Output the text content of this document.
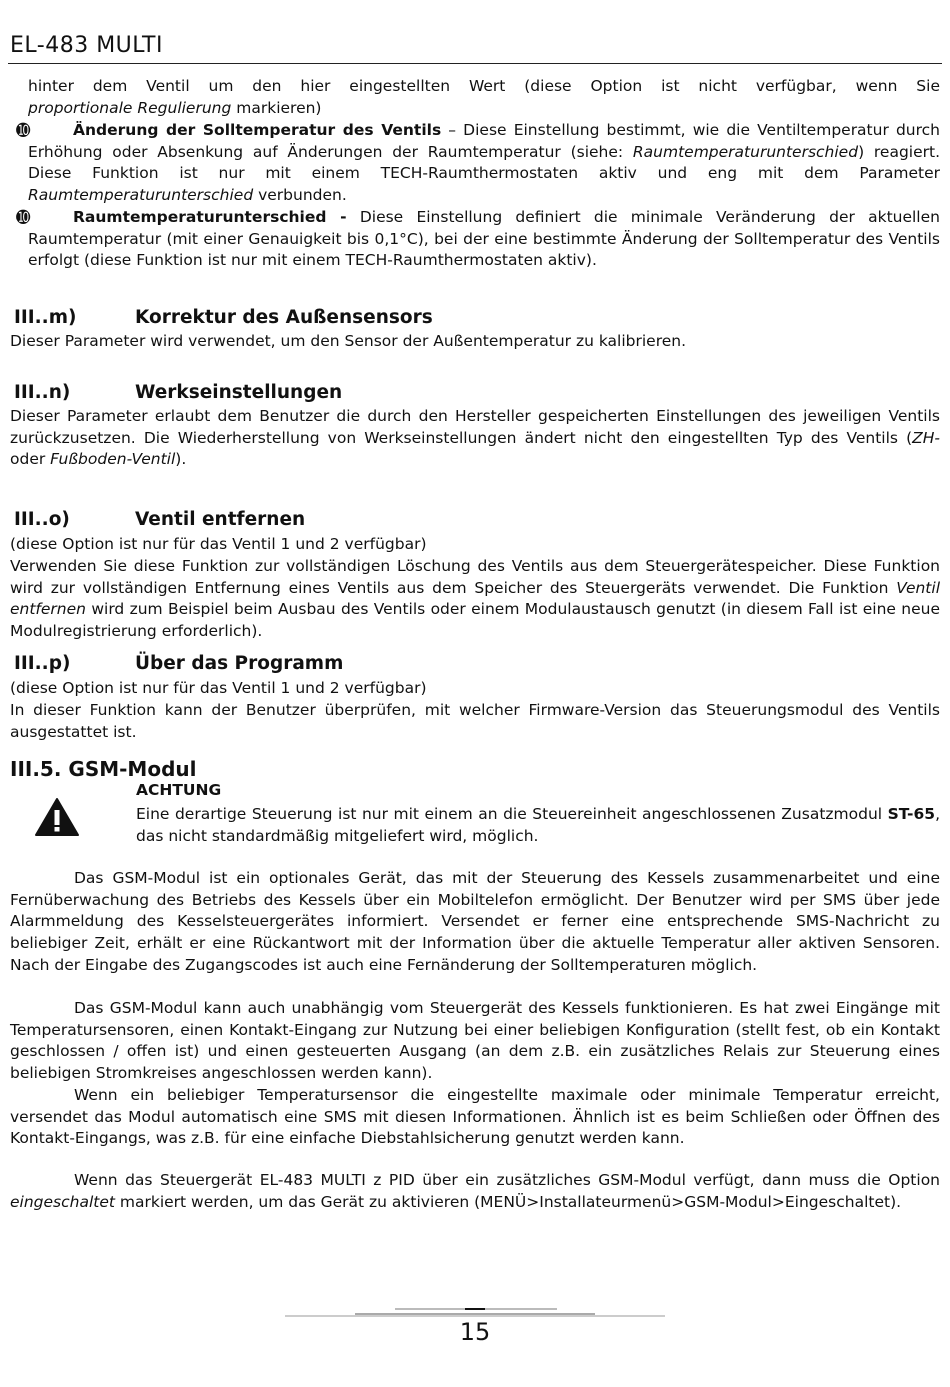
EL-483 MULTI
hinter dem Ventil um den hier eingestellten Wert (diese Option ist nicht verfügbar, wenn Sie
proportionale Regulierung markieren)
➓	Änderung der Solltemperatur des Ventils – Diese Einstellung bestimmt, wie die Ventiltemperatur durch Erhöhung oder Absenkung auf Änderungen der Raumtemperatur (siehe: Raumtemperaturunterschied) reagiert. Diese Funktion ist nur mit einem TECH-Raumthermostaten aktiv und eng mit dem Parameter Raumtemperaturunterschied verbunden.
➓	Raumtemperaturunterschied - Diese Einstellung definiert die minimale Veränderung der aktuellen Raumtemperatur (mit einer Genauigkeit bis 0,1°C), bei der eine bestimmte Änderung der Solltemperatur des Ventils erfolgt (diese Funktion ist nur mit einem TECH-Raumthermostaten aktiv).
III..m)	Korrektur des Außensensors
Dieser Parameter wird verwendet, um den Sensor der Außentemperatur zu kalibrieren.
III..n)	Werkseinstellungen
Dieser Parameter erlaubt dem Benutzer die durch den Hersteller gespeicherten Einstellungen des jeweiligen Ventils zurückzusetzen. Die Wiederherstellung von Werkseinstellungen ändert nicht den eingestellten Typ des Ventils (ZH- oder Fußboden-Ventil).
III..o)	Ventil entfernen
(diese Option ist nur für das Ventil 1 und 2 verfügbar)
Verwenden Sie diese Funktion zur vollständigen Löschung des Ventils aus dem Steuergerätespeicher. Diese Funktion wird zur vollständigen Entfernung eines Ventils aus dem Speicher des Steuergeräts verwendet. Die Funktion Ventil entfernen wird zum Beispiel beim Ausbau des Ventils oder einem Modulaustausch genutzt (in diesem Fall ist eine neue Modulregistrierung erforderlich).
III..p)	Über das Programm
(diese Option ist nur für das Ventil 1 und 2 verfügbar)
In dieser Funktion kann der Benutzer überprüfen, mit welcher Firmware-Version das Steuerungsmodul des Ventils ausgestattet ist.
III.5. GSM-Modul
ACHTUNG
Eine derartige Steuerung ist nur mit einem an die Steuereinheit angeschlossenen Zusatzmodul ST-65, das nicht standardmäßig mitgeliefert wird, möglich.
Das GSM-Modul ist ein optionales Gerät, das mit der Steuerung des Kessels zusammenarbeitet und eine Fernüberwachung des Betriebs des Kessels über ein Mobiltelefon ermöglicht. Der Benutzer wird per SMS über jede Alarmmeldung des Kesselsteuergerätes informiert. Versendet er ferner eine entsprechende SMS-Nachricht zu beliebiger Zeit, erhält er eine Rückantwort mit der Information über die aktuelle Temperatur aller aktiven Sensoren. Nach der Eingabe des Zugangscodes ist auch eine Fernänderung der Solltemperaturen möglich.
Das GSM-Modul kann auch unabhängig vom Steuergerät des Kessels funktionieren. Es hat zwei Eingänge mit Temperatursensoren, einen Kontakt-Eingang zur Nutzung bei einer beliebigen Konfiguration (stellt fest, ob ein Kontakt geschlossen / offen ist) und einen gesteuerten Ausgang (an dem z.B. ein zusätzliches Relais zur Steuerung eines beliebigen Stromkreises angeschlossen werden kann).
Wenn ein beliebiger Temperatursensor die eingestellte maximale oder minimale Temperatur erreicht, versendet das Modul automatisch eine SMS mit diesen Informationen. Ähnlich ist es beim Schließen oder Öffnen des Kontakt-Eingangs, was z.B. für eine einfache Diebstahlsicherung genutzt werden kann.
Wenn das Steuergerät EL-483 MULTI z PID über ein zusätzliches GSM-Modul verfügt, dann muss die Option eingeschaltet markiert werden, um das Gerät zu aktivieren (MENÜ>Installateurmenü>GSM-Modul>Eingeschaltet).
15
